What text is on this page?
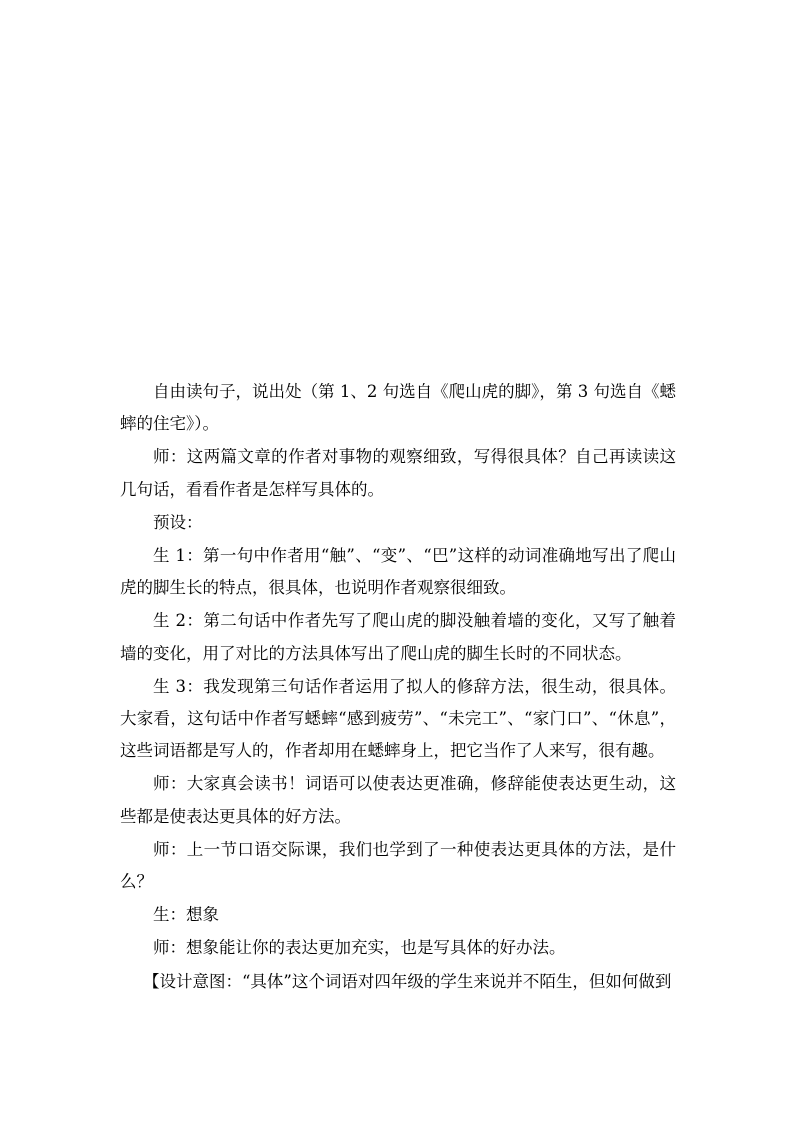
自由读句子，说出处（第 1、2 句选自《爬山虎的脚》，第 3 句选自《蟋蟀的住宅》）。

师：这两篇文章的作者对事物的观察细致，写得很具体？自己再读读这几句话，看看作者是怎样写具体的。

预设：

生 1：第一句中作者用“触”、“变”、“巴”这样的动词准确地写出了爬山虎的脚生长的特点，很具体，也说明作者观察很细致。

生 2：第二句话中作者先写了爬山虎的脚没触着墙的变化，又写了触着墙的变化，用了对比的方法具体写出了爬山虎的脚生长时的不同状态。

生 3：我发现第三句话作者运用了拟人的修辞方法，很生动，很具体。大家看，这句话中作者写蟋蟀“感到疲劳”、“未完工”、“家门口”、“休息”，这些词语都是写人的，作者却用在蟋蟀身上，把它当作了人来写，很有趣。

师：大家真会读书！词语可以使表达更准确，修辞能使表达更生动，这些都是使表达更具体的好方法。

师：上一节口语交际课，我们也学到了一种使表达更具体的方法，是什么？

生：想象

师：想象能让你的表达更加充实，也是写具体的好办法。

【设计意图：“具体”这个词语对四年级的学生来说并不陌生，但如何做到
